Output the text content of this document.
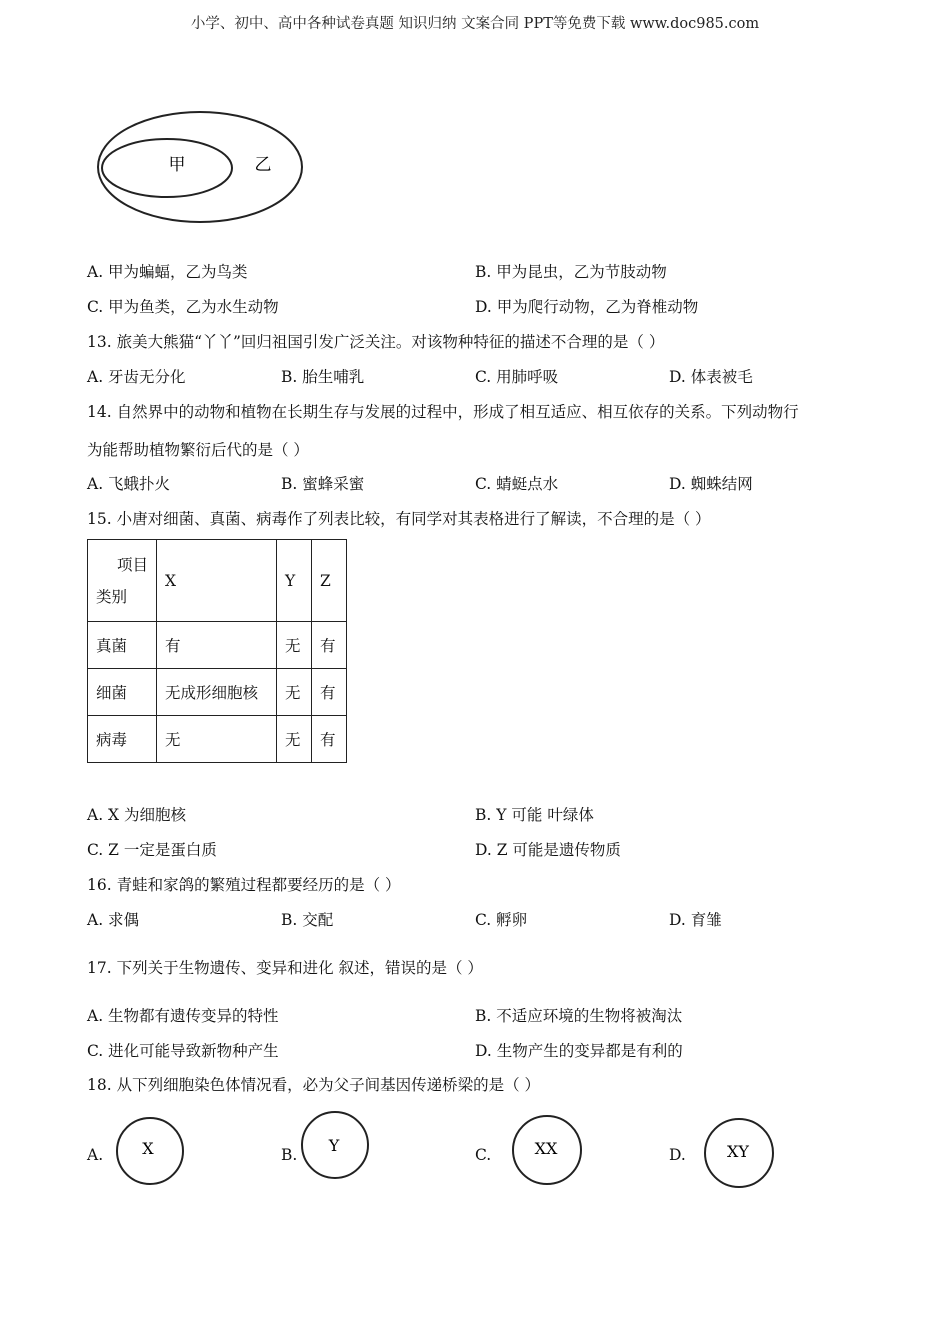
小学、初中、高中各种试卷真题 知识归纳 文案合同 PPT等免费下载 www.doc985.com
甲	乙
A. 甲为蝙蝠，乙为鸟类	B. 甲为昆虫，乙为节肢动物
C. 甲为鱼类，乙为水生动物	D. 甲为爬行动物，乙为脊椎动物
13. 旅美大熊猫“丫丫”回归祖国引发广泛关注。对该物种特征的描述不合理的是（ ）
A. 牙齿无分化	B. 胎生哺乳	C. 用肺呼吸	D. 体表被毛
14. 自然界中的动物和植物在长期生存与发展的过程中，形成了相互适应、相互依存的关系。下列动物行
为能帮助植物繁衍后代的是（ ）
A. 飞蛾扑火	B. 蜜蜂采蜜	C. 蜻蜓点水	D. 蜘蛛结网
15. 小唐对细菌、真菌、病毒作了列表比较，有同学对其表格进行了解读，不合理的是（ ）
项目
类别	X	Y	Z
真菌	有	无	有
细菌	无成形细胞核	无	有
病毒	无	无	有
A. X 为细胞核	B. Y 可能 叶绿体
C. Z 一定是蛋白质	D. Z 可能是遗传物质
16. 青蛙和家鸽的繁殖过程都要经历的是（ ）
A. 求偶	B. 交配	C. 孵卵	D. 育雏
17. 下列关于生物遗传、变异和进化 叙述，错误的是（ ）
A. 生物都有遗传变异的特性	B. 不适应环境的生物将被淘汰
C. 进化可能导致新物种产生	D. 生物产生的变异都是有利的
18. 从下列细胞染色体情况看，必为父子间基因传递桥梁的是（ ）
A. X	B. Y	C.	XX	D.	XY
